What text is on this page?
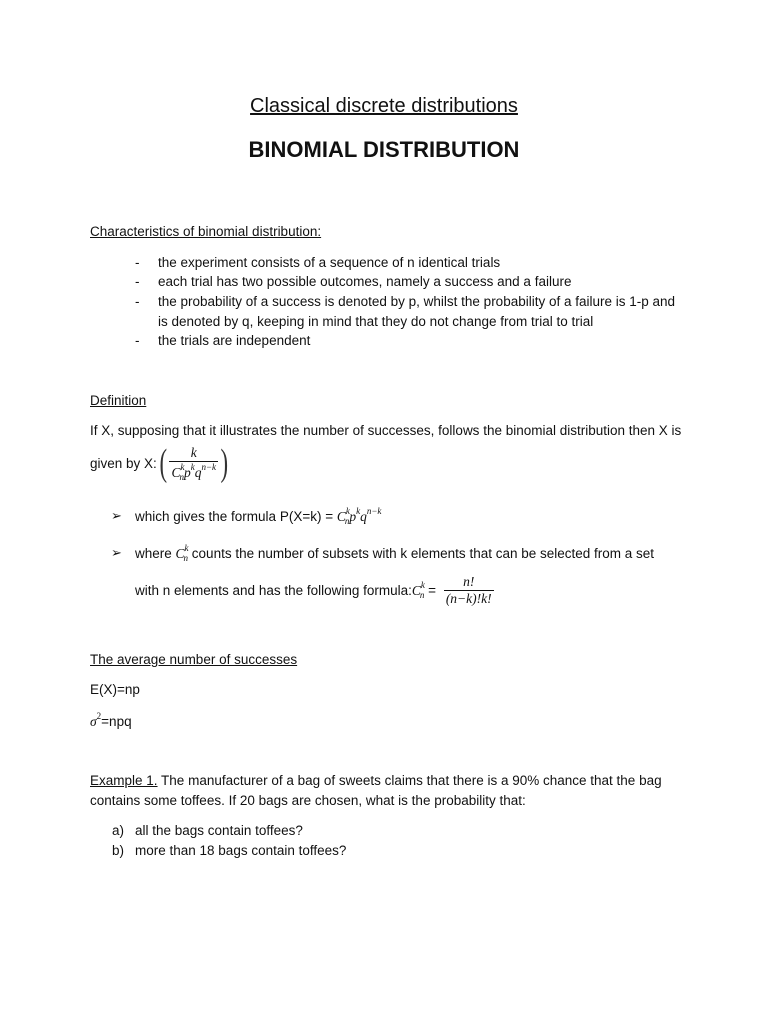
Classical discrete distributions
BINOMIAL DISTRIBUTION
Characteristics of binomial distribution:
-	the experiment consists of a sequence of n identical trials
-	each trial has two possible outcomes, namely a success and a failure
-	the probability of a success is denoted by p, whilst the probability of a failure is 1-p and
is denoted by q, keeping in mind that they do not change from trial to trial
-	the trials are independent
Definition
If X, supposing that it illustrates the number of successes, follows the binomial distribution then X is
given by X: ( $\frac{k}{C^k_np^kq^{n-k}}$ )
➢ which gives the formula $P(X=k) = C^k_np^kq^{n-k}$
➢ where $C^k_n$ counts the number of subsets with k elements that can be selected from a set
with n elements and has the following formula: $C^k_n = \frac{n!}{(n-k)!k!}$
The average number of successes
E(X)=np
$\sigma^2=npq$
Example 1. The manufacturer of a bag of sweets claims that there is a 90% chance that the bag
contains some toffees. If 20 bags are chosen, what is the probability that:
a) all the bags contain toffees?
b) more than 18 bags contain toffees?
